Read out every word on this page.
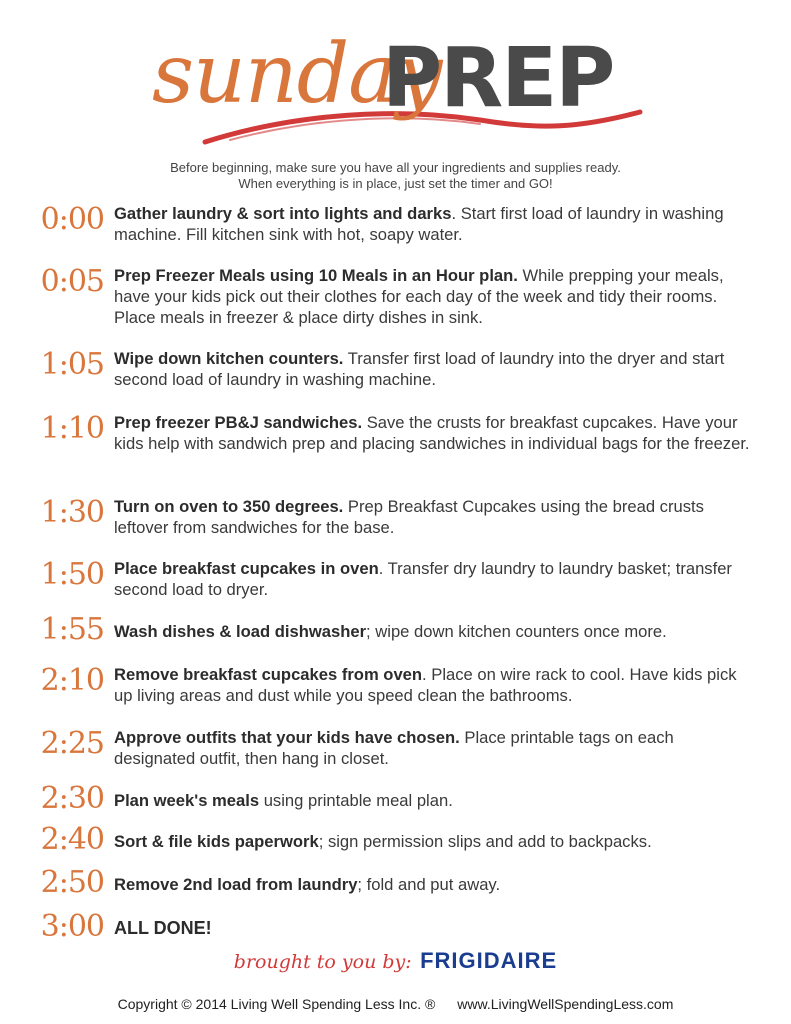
sunday
PREP
Before beginning, make sure you have all your ingredients and supplies ready.
When everything is in place, just set the timer and GO!
0:00 Gather laundry & sort into lights and darks. Start first load of laundry in washing machine. Fill kitchen sink with hot, soapy water.
0:05 Prep Freezer Meals using 10 Meals in an Hour plan. While prepping your meals, have your kids pick out their clothes for each day of the week and tidy their rooms. Place meals in freezer & place dirty dishes in sink.
1:05 Wipe down kitchen counters. Transfer first load of laundry into the dryer and start second load of laundry in washing machine.
1:10 Prep freezer PB&J sandwiches. Save the crusts for breakfast cupcakes. Have your kids help with sandwich prep and placing sandwiches in individual bags for the freezer.
1:30 Turn on oven to 350 degrees. Prep Breakfast Cupcakes using the bread crusts leftover from sandwiches for the base.
1:50 Place breakfast cupcakes in oven. Transfer dry laundry to laundry basket; transfer second load to dryer.
1:55 Wash dishes & load dishwasher; wipe down kitchen counters once more.
2:10 Remove breakfast cupcakes from oven. Place on wire rack to cool. Have kids pick up living areas and dust while you speed clean the bathrooms.
2:25 Approve outfits that your kids have chosen. Place printable tags on each designated outfit, then hang in closet.
2:30 Plan week's meals using printable meal plan.
2:40 Sort & file kids paperwork; sign permission slips and add to backpacks.
2:50 Remove 2nd load from laundry; fold and put away.
3:00 ALL DONE!
brought to you by: FRIGIDAIRE
Copyright © 2014 Living Well Spending Less Inc. ® www.LivingWellSpendingLess.com
